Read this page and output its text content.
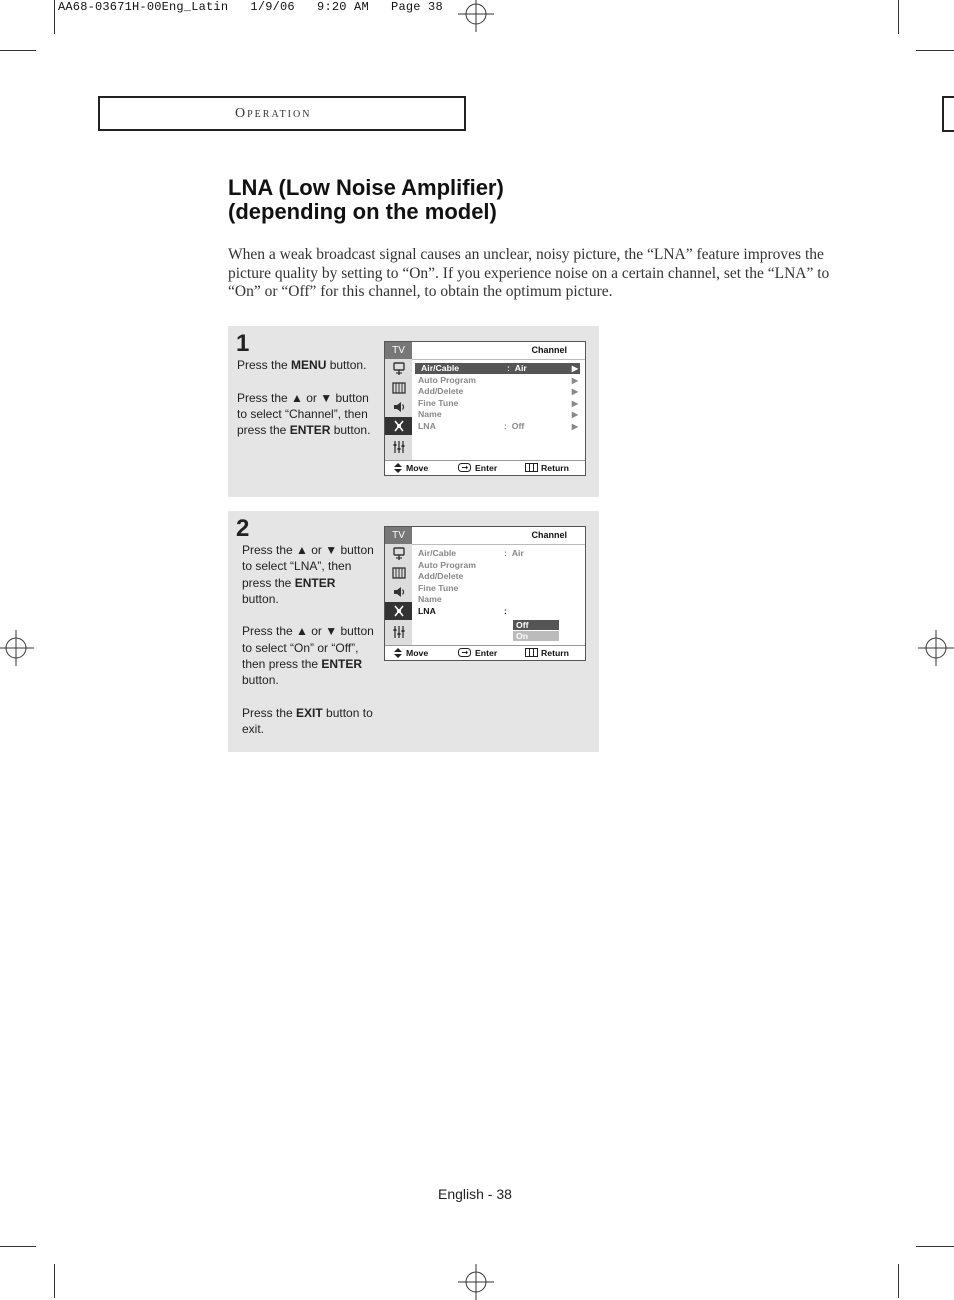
AA68-03671H-00Eng_Latin   1/9/06   9:20 AM   Page 38
Operation
LNA (Low Noise Amplifier)
(depending on the model)

When a weak broadcast signal causes an unclear, noisy picture, the “LNA” feature improves the picture quality by setting to “On”. If you experience noise on a certain channel, set the “LNA” to “On” or “Off” for this channel, to obtain the optimum picture.

1

Press the MENU button.

Press the ▲ or ▼ button to select “Channel”, then press the ENTER button.

TV	Channel
Air/Cable	: Air	▶
Auto Program	▶
Add/Delete	▶
Fine Tune	▶
Name	▶
LNA	: Off	▶
Move	Enter	Return
2

Press the ▲ or ▼ button to select “LNA”, then press the ENTER button.

Press the ▲ or ▼ button to select “On” or “Off”, then press the ENTER button.

Press the EXIT button to exit.

TV	Channel
Air/Cable	: Air
Auto Program
Add/Delete
Fine Tune
Name
LNA	:
Off
On
Move	Enter	Return
English - 38
